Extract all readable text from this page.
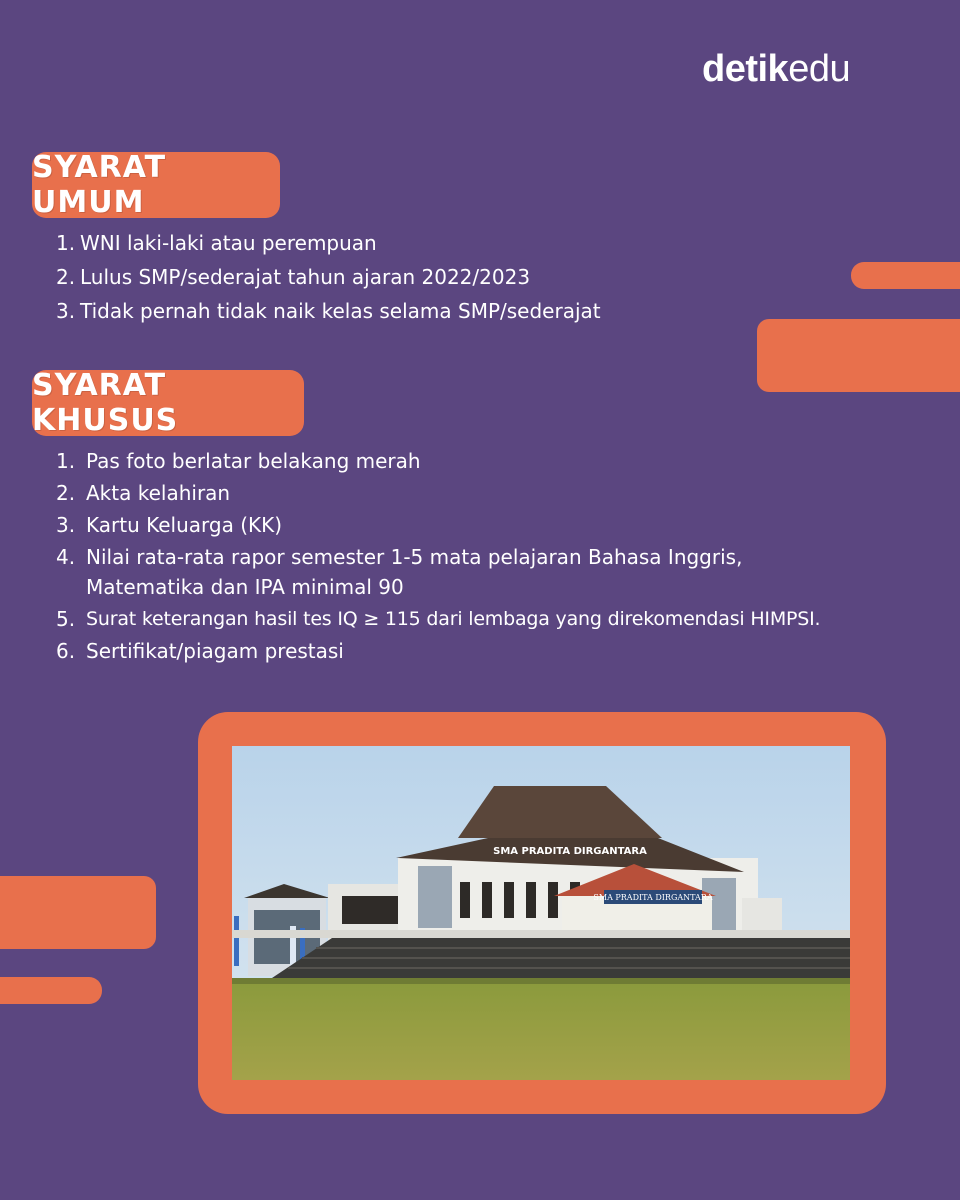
detikedu
SYARAT UMUM
1. WNI laki-laki atau perempuan
2. Lulus SMP/sederajat tahun ajaran 2022/2023
3. Tidak pernah tidak naik kelas selama SMP/sederajat
SYARAT KHUSUS
1. Pas foto berlatar belakang merah
2. Akta kelahiran
3. Kartu Keluarga (KK)
4. Nilai rata-rata rapor semester 1-5 mata pelajaran Bahasa Inggris, Matematika dan IPA minimal 90
5. Surat keterangan hasil tes IQ ≥ 115 dari lembaga yang direkomendasi HIMPSI.
6. Sertifikat/piagam prestasi
SMA PRADITA DIRGANTARA
SMA PRADITA DIRGANTARA
